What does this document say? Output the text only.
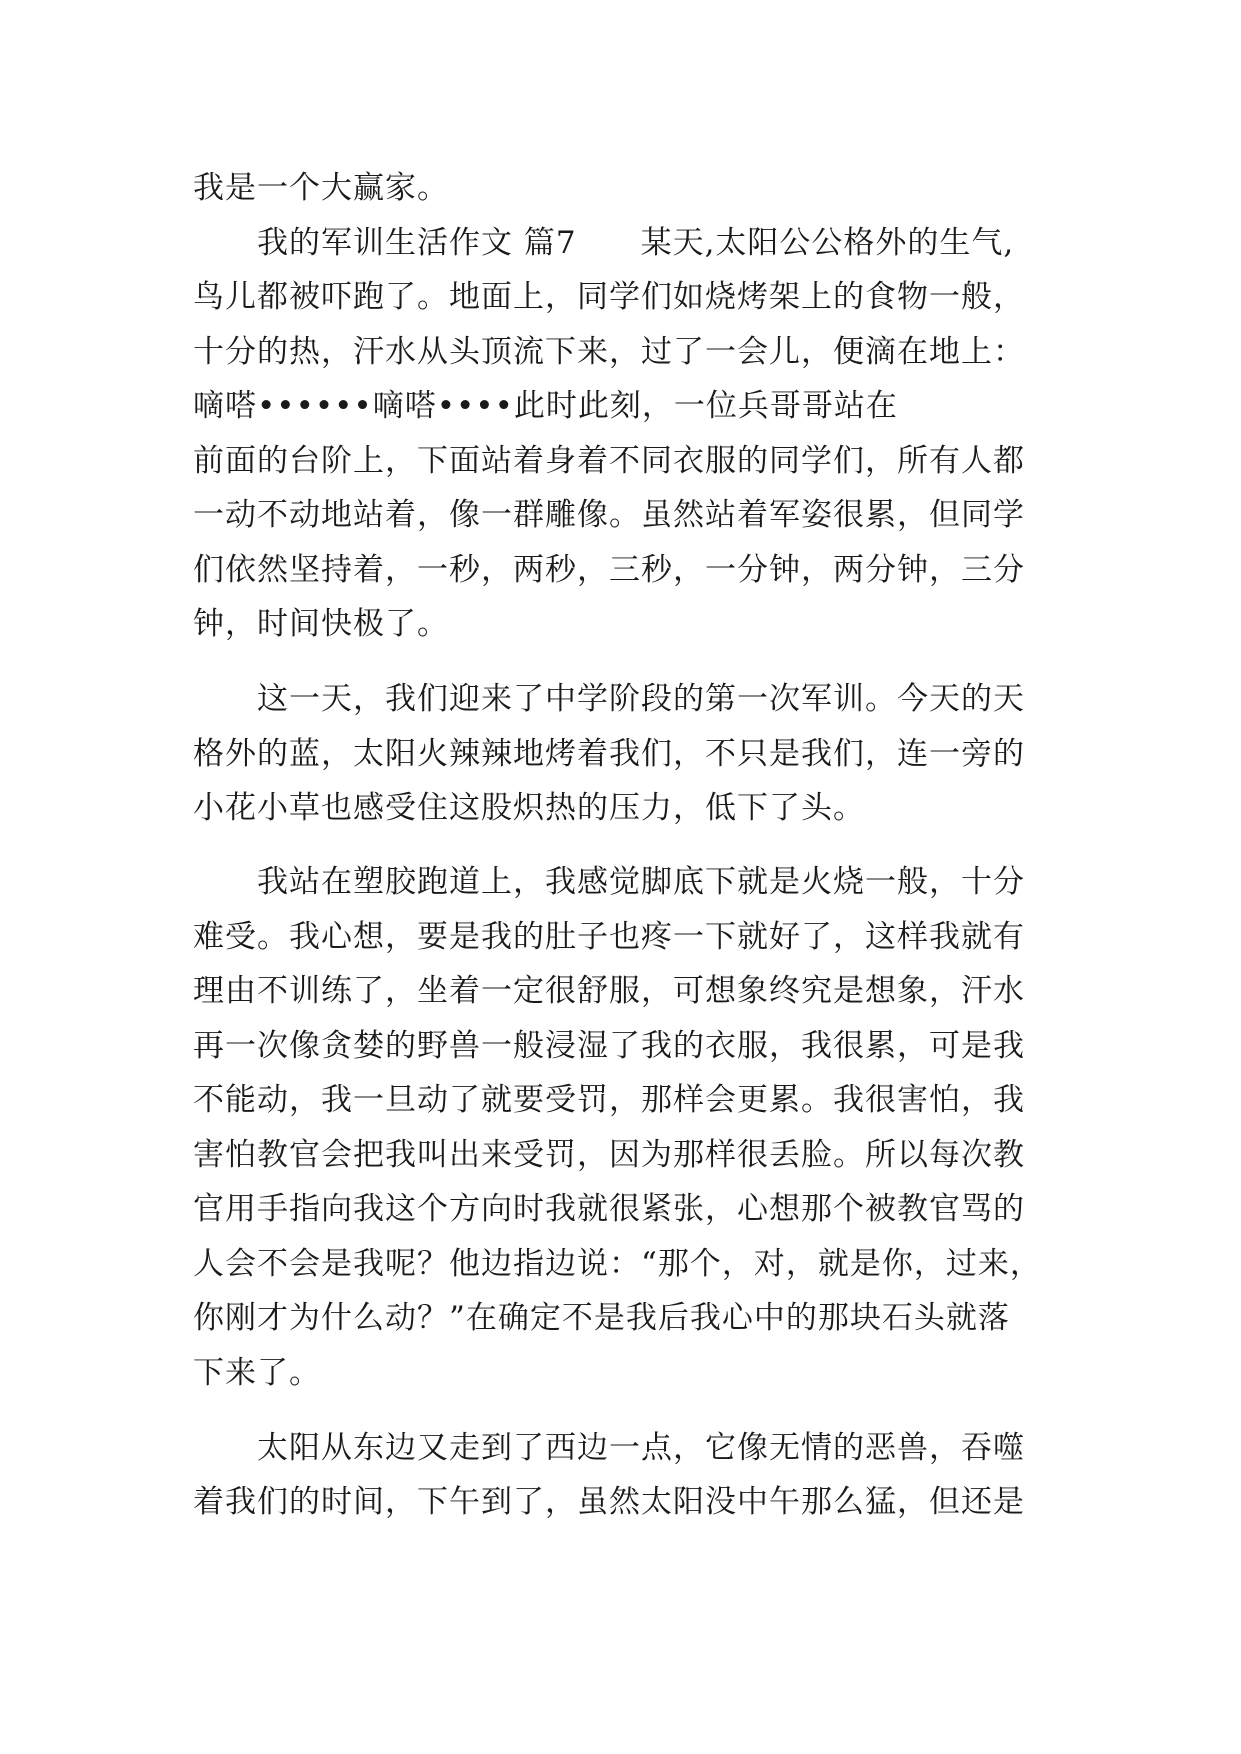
我是一个大赢家。
　　我的军训生活作文 篇7　　某天,太阳公公格外的生气,
鸟儿都被吓跑了。地面上，同学们如烧烤架上的食物一般，
十分的热，汗水从头顶流下来，过了一会儿，便滴在地上：
嘀嗒••••••嘀嗒••••此时此刻，一位兵哥哥站在
前面的台阶上，下面站着身着不同衣服的同学们，所有人都
一动不动地站着，像一群雕像。虽然站着军姿很累，但同学
们依然坚持着，一秒，两秒，三秒，一分钟，两分钟，三分
钟，时间快极了。
　　这一天，我们迎来了中学阶段的第一次军训。今天的天
格外的蓝，太阳火辣辣地烤着我们，不只是我们，连一旁的
小花小草也感受住这股炽热的压力，低下了头。
　　我站在塑胶跑道上，我感觉脚底下就是火烧一般，十分
难受。我心想，要是我的肚子也疼一下就好了，这样我就有
理由不训练了，坐着一定很舒服，可想象终究是想象，汗水
再一次像贪婪的野兽一般浸湿了我的衣服，我很累，可是我
不能动，我一旦动了就要受罚，那样会更累。我很害怕，我
害怕教官会把我叫出来受罚，因为那样很丢脸。所以每次教
官用手指向我这个方向时我就很紧张，心想那个被教官骂的
人会不会是我呢？他边指边说：“那个，对，就是你，过来，
你刚才为什么动？”在确定不是我后我心中的那块石头就落
下来了。
　　太阳从东边又走到了西边一点，它像无情的恶兽，吞噬
着我们的时间，下午到了，虽然太阳没中午那么猛，但还是
